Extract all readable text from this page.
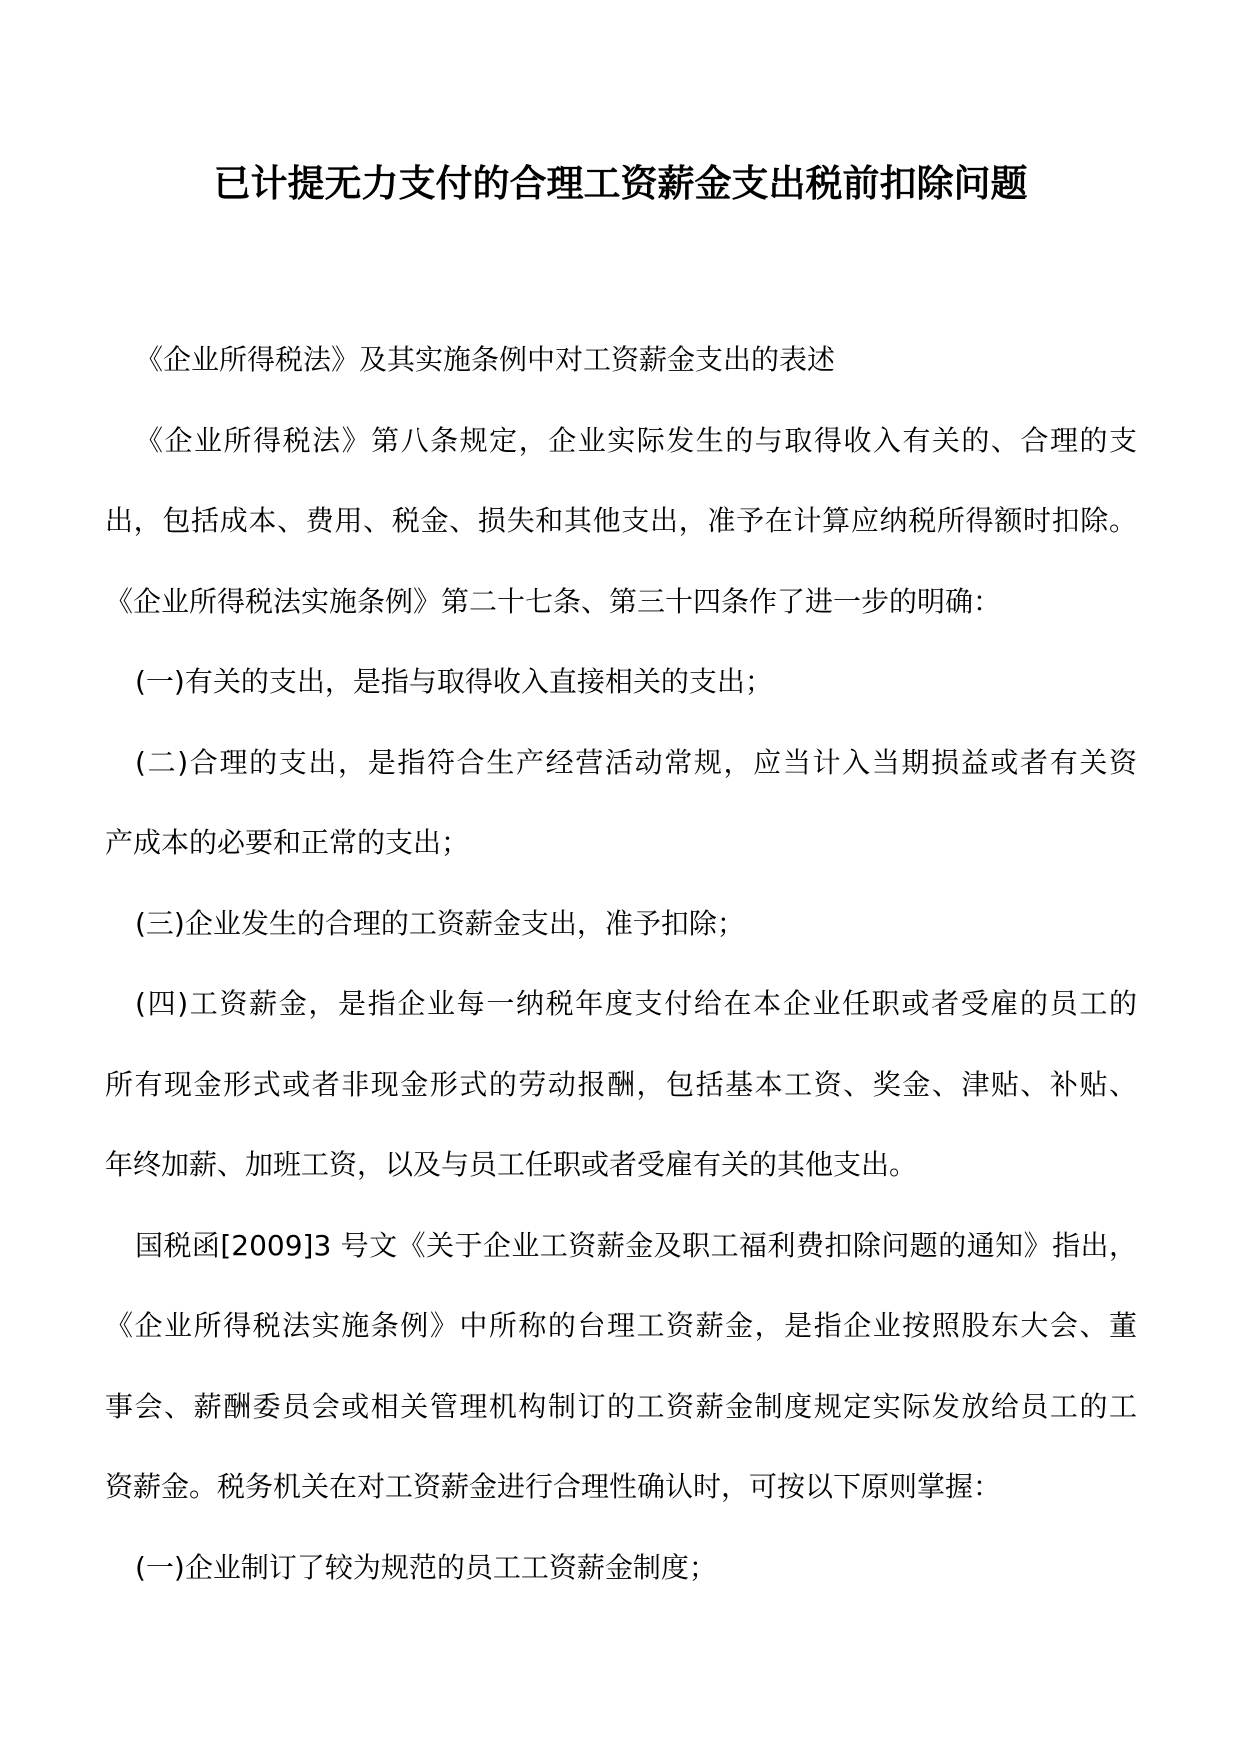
已计提无力支付的合理工资薪金支出税前扣除问题
《企业所得税法》及其实施条例中对工资薪金支出的表述
《企业所得税法》第八条规定，企业实际发生的与取得收入有关的、合理的支
出，包括成本、费用、税金、损失和其他支出，准予在计算应纳税所得额时扣除。
《企业所得税法实施条例》第二十七条、第三十四条作了进一步的明确：
(一)有关的支出，是指与取得收入直接相关的支出；
(二)合理的支出，是指符合生产经营活动常规，应当计入当期损益或者有关资
产成本的必要和正常的支出；
(三)企业发生的合理的工资薪金支出，准予扣除；
(四)工资薪金，是指企业每一纳税年度支付给在本企业任职或者受雇的员工的
所有现金形式或者非现金形式的劳动报酬，包括基本工资、奖金、津贴、补贴、
年终加薪、加班工资，以及与员工任职或者受雇有关的其他支出。
国税函[2009]3 号文《关于企业工资薪金及职工福利费扣除问题的通知》指出，
《企业所得税法实施条例》中所称的台理工资薪金，是指企业按照股东大会、董
事会、薪酬委员会或相关管理机构制订的工资薪金制度规定实际发放给员工的工
资薪金。税务机关在对工资薪金进行合理性确认时，可按以下原则掌握：
(一)企业制订了较为规范的员工工资薪金制度；
